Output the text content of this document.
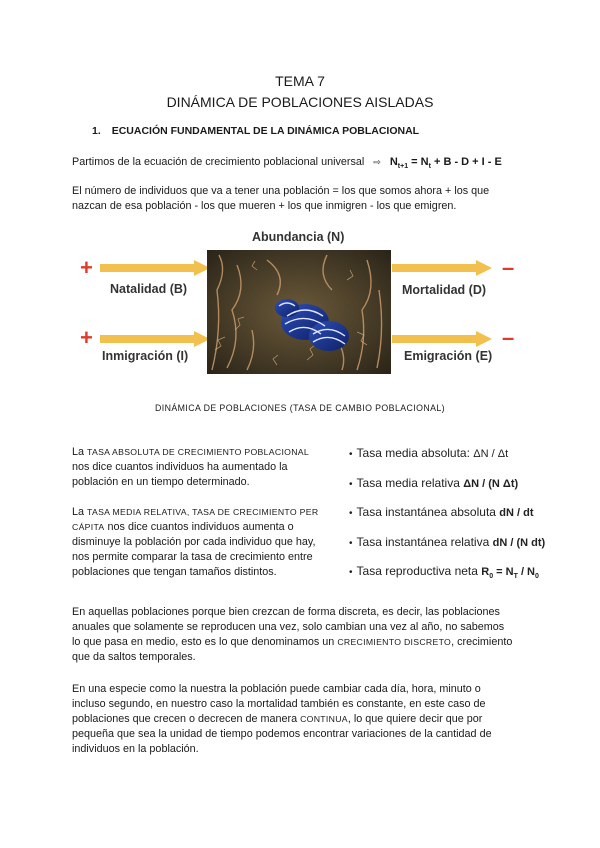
TEMA 7
DINÁMICA DE POBLACIONES AISLADAS
1. ECUACIÓN FUNDAMENTAL DE LA DINÁMICA POBLACIONAL
Partimos de la ecuación de crecimiento poblacional universal ⇨ $N_{t+1} = N_t + B - D + I - E$
El número de individuos que va a tener una población = los que somos ahora + los que
nazcan de esa población - los que mueren + los que inmigren - los que emigren.
Abundancia (N)
+
+
–
–
Natalidad (B)
Inmigración (I)
Mortalidad (D)
Emigración (E)
DINÁMICA DE POBLACIONES (TASA DE CAMBIO POBLACIONAL)
La TASA ABSOLUTA DE CRECIMIENTO POBLACIONAL
nos dice cuantos individuos ha aumentado la
población en un tiempo determinado.
La TASA MEDIA RELATIVA, TASA DE CRECIMIENTO PER
CÁPITA nos dice cuantos individuos aumenta o
disminuye la población por cada individuo que hay,
nos permite comparar la tasa de crecimiento entre
poblaciones que tengan tamaños distintos.
• Tasa media absoluta: ΔN / Δt
• Tasa media relativa ΔN / (N Δt)
• Tasa instantánea absoluta dN / dt
• Tasa instantánea relativa dN / (N dt)
• Tasa reproductiva neta $R_0 = N_T / N_0$
En aquellas poblaciones porque bien crezcan de forma discreta, es decir, las poblaciones
anuales que solamente se reproducen una vez, solo cambian una vez al año, no sabemos
lo que pasa en medio, esto es lo que denominamos un CRECIMIENTO DISCRETO, crecimiento
que da saltos temporales.
En una especie como la nuestra la población puede cambiar cada día, hora, minuto o
incluso segundo, en nuestro caso la mortalidad también es constante, en este caso de
poblaciones que crecen o decrecen de manera CONTINUA, lo que quiere decir que por
pequeña que sea la unidad de tiempo podemos encontrar variaciones de la cantidad de
individuos en la población.
